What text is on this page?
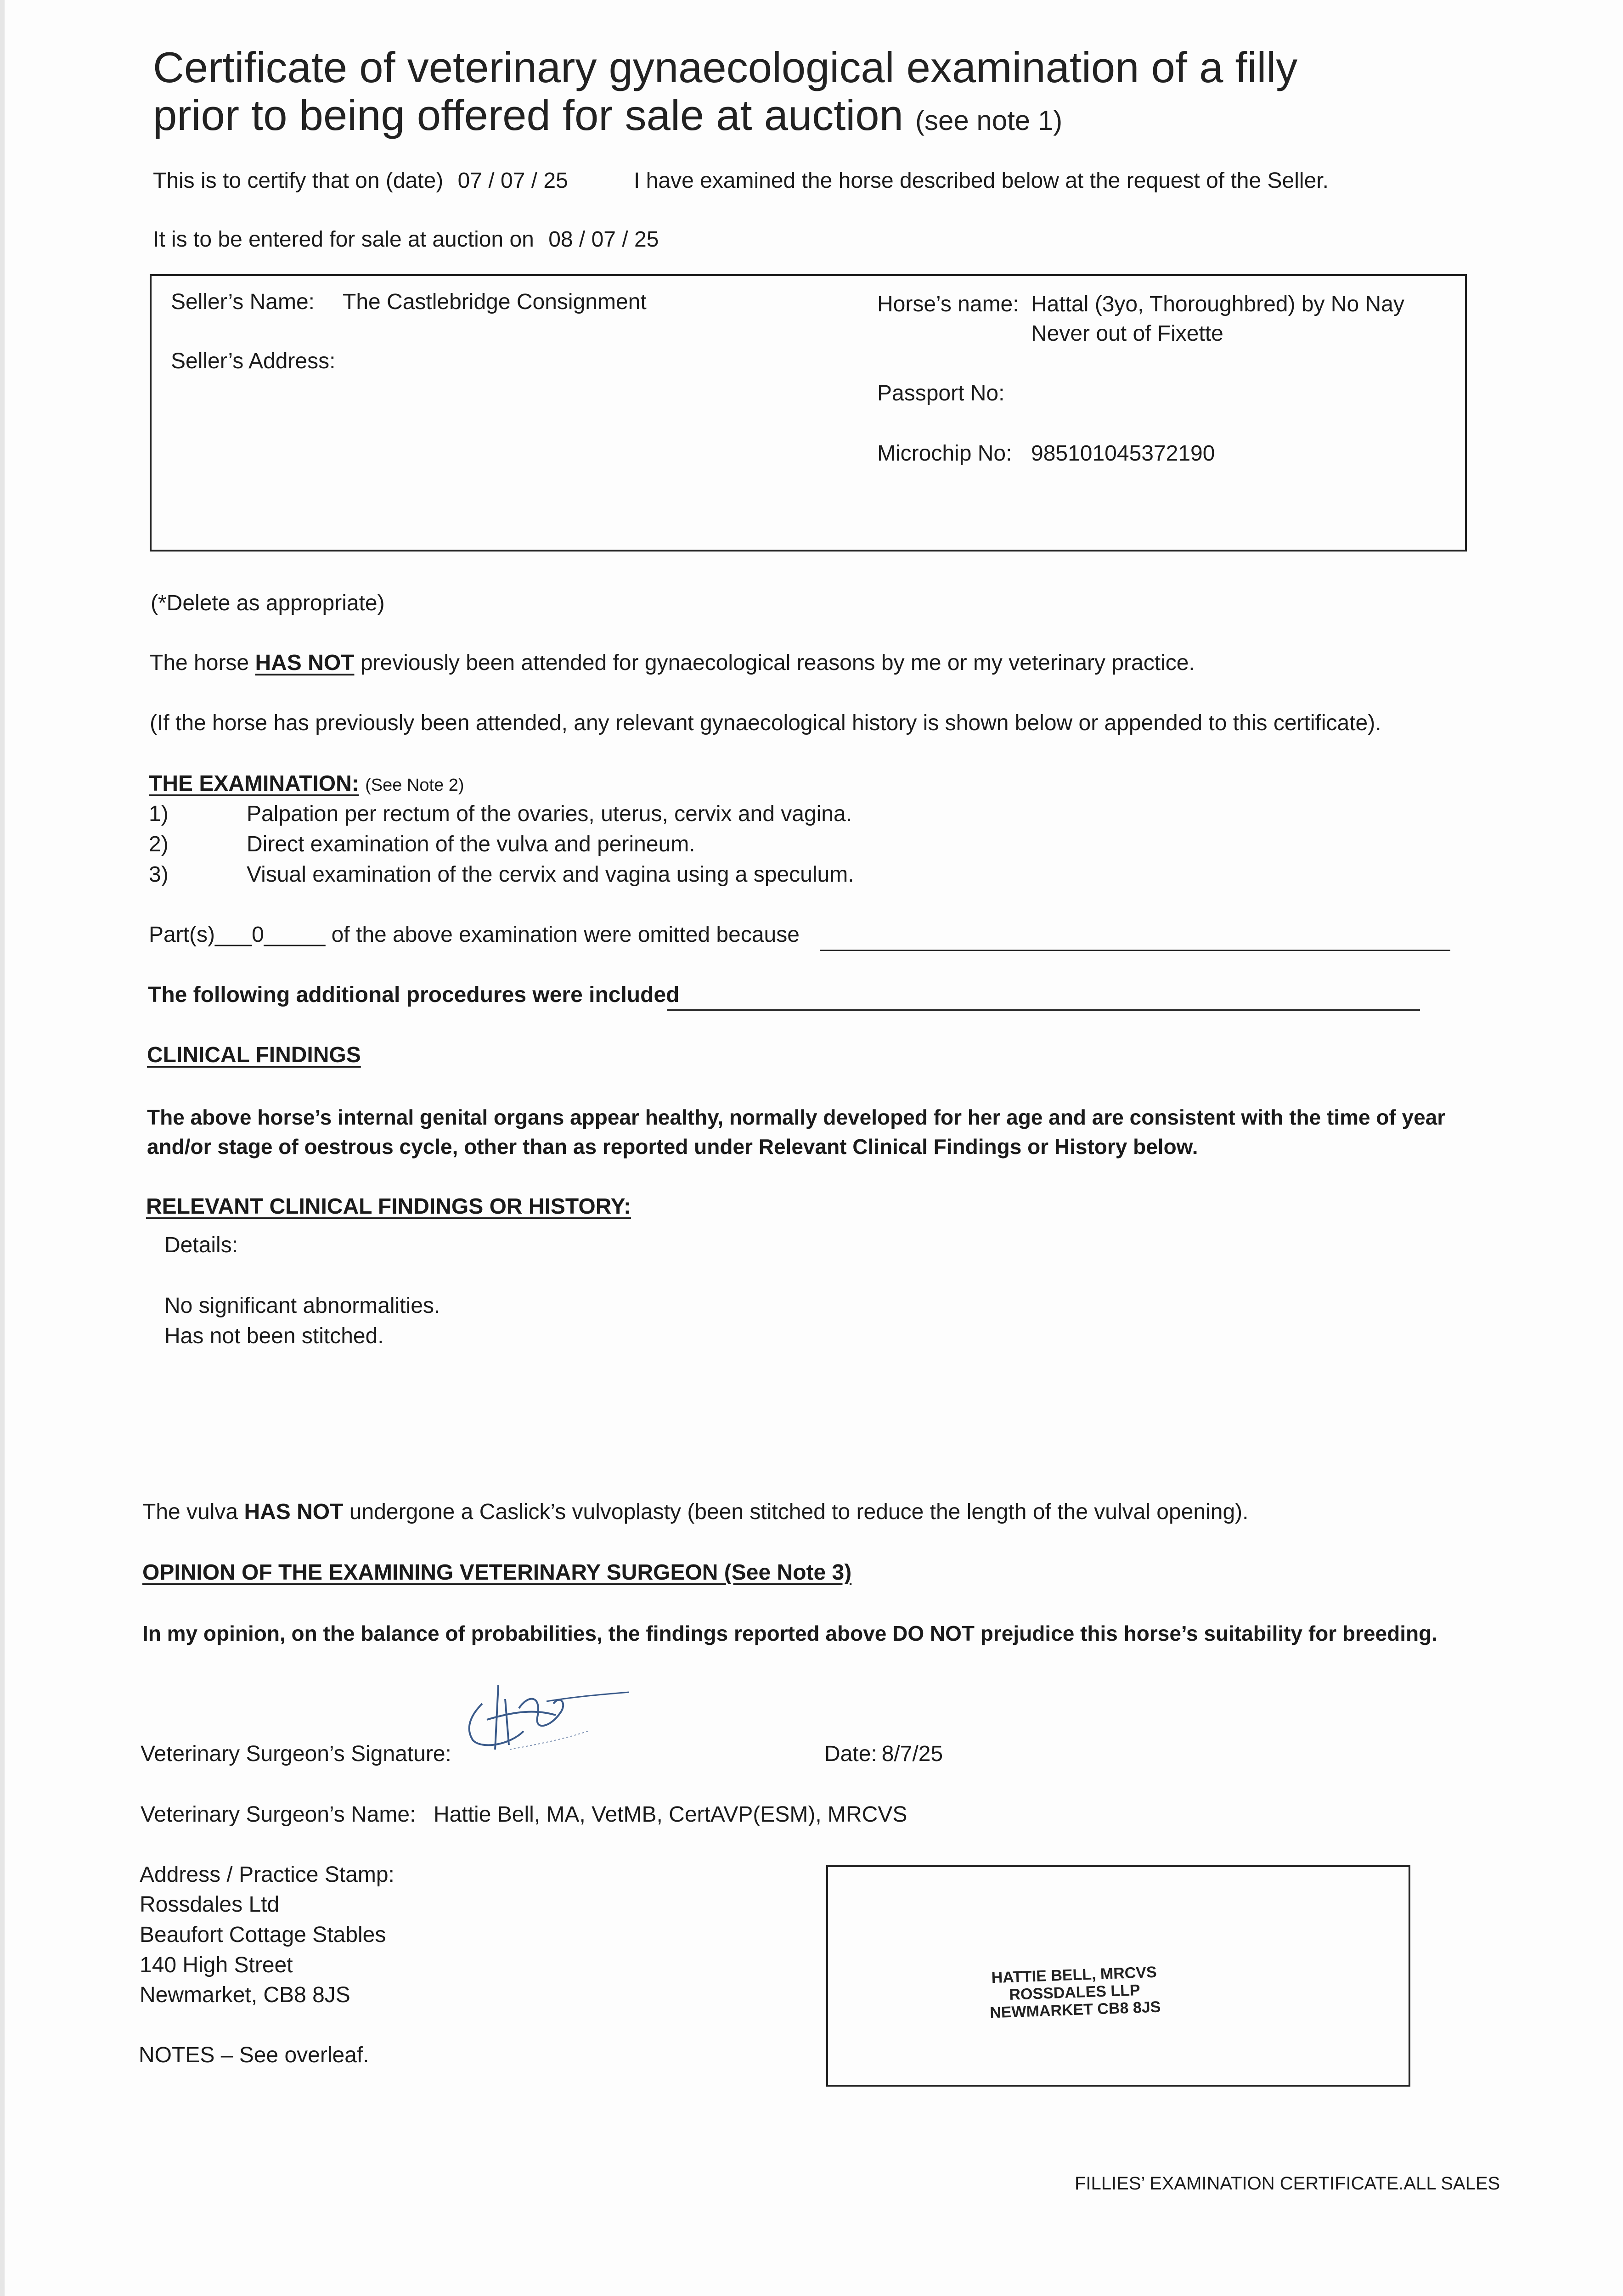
Certificate of veterinary gynaecological examination of a filly
prior to being offered for sale at auction (see note 1)
This is to certify that on (date) 07 / 07 / 25	I have examined the horse described below at the request of the Seller.
It is to be entered for sale at auction on 08 / 07 / 25
Seller’s Name: The Castlebridge Consignment
Seller’s Address:
Horse’s name: Hattal (3yo, Thoroughbred) by No Nay
Never out of Fixette
Passport No:
Microchip No: 985101045372190
(*Delete as appropriate)
The horse HAS NOT previously been attended for gynaecological reasons by me or my veterinary practice.
(If the horse has previously been attended, any relevant gynaecological history is shown below or appended to this certificate).
THE EXAMINATION: (See Note 2)
1)	Palpation per rectum of the ovaries, uterus, cervix and vagina.
2)	Direct examination of the vulva and perineum.
3)	Visual examination of the cervix and vagina using a speculum.
Part(s)___0_____ of the above examination were omitted because
The following additional procedures were included
CLINICAL FINDINGS
The above horse’s internal genital organs appear healthy, normally developed for her age and are consistent with the time of year
and/or stage of oestrous cycle, other than as reported under Relevant Clinical Findings or History below.
RELEVANT CLINICAL FINDINGS OR HISTORY:
Details:
No significant abnormalities.
Has not been stitched.
The vulva HAS NOT undergone a Caslick’s vulvoplasty (been stitched to reduce the length of the vulval opening).
OPINION OF THE EXAMINING VETERINARY SURGEON (See Note 3)
In my opinion, on the balance of probabilities, the findings reported above DO NOT prejudice this horse’s suitability for breeding.
Veterinary Surgeon’s Signature:	Date: 8/7/25
Veterinary Surgeon’s Name: Hattie Bell, MA, VetMB, CertAVP(ESM), MRCVS
Address / Practice Stamp:
Rossdales Ltd
Beaufort Cottage Stables
140 High Street
Newmarket, CB8 8JS
NOTES – See overleaf.
HATTIE BELL, MRCVS
ROSSDALES LLP
NEWMARKET CB8 8JS
FILLIES’ EXAMINATION CERTIFICATE.ALL SALES
